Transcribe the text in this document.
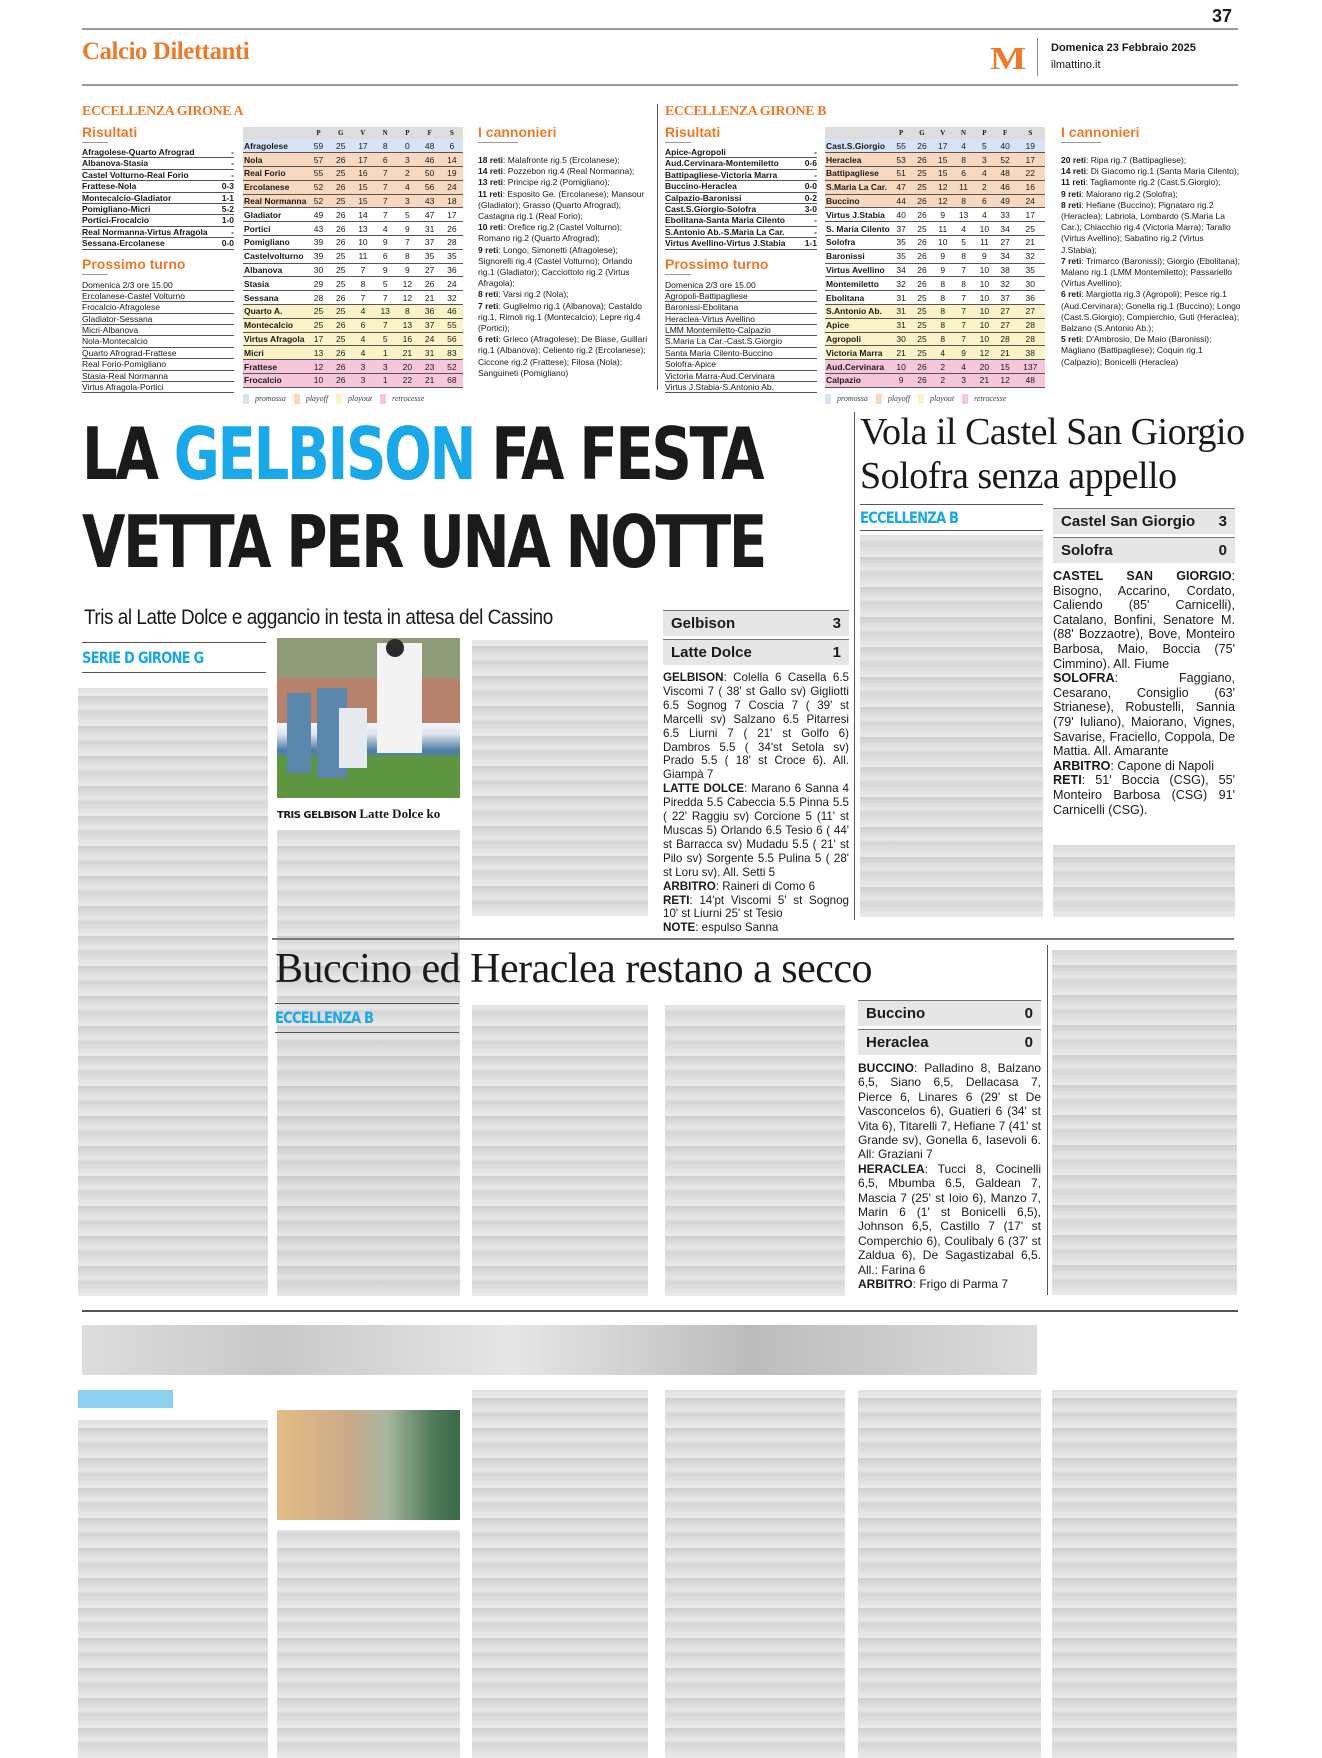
37
Calcio Dilettanti	M Domenica 23 Febbraio 2025
ilmattino.it
ECCELLENZA GIRONE A
Risultati
Afragolese-Quarto Afrograd	-
Albanova-Stasia	-
Castel Volturno-Real Forio	-
Frattese-Nola	0-3
Montecalcio-Gladiator	1-1
Pomigliano-Micri	5-2
Portici-Frocalcio	1-0
Real Normanna-Virtus Afragola	-
Sessana-Ercolanese	0-0
Prossimo turno
Domenica 2/3 ore 15.00
Ercolanese-Castel Volturno
Frocalcio-Afragolese
Gladiator-Sessana
Micri-Albanova
Nola-Montecalcio
Quarto Afrograd-Frattese
Real Forio-Pomigliano
Stasia-Real Normanna
Virtus Afragola-Portici
	P	G	V	N	P	F	S
Afragolese	59	25	17	8	0	48	6
Nola	57	26	17	6	3	46	14
Real Forio	55	25	16	7	2	50	19
Ercolanese	52	26	15	7	4	56	24
Real Normanna	52	25	15	7	3	43	18
Gladiator	49	26	14	7	5	47	17
Portici	43	26	13	4	9	31	26
Pomigliano	39	26	10	9	7	37	28
Castelvolturno	39	25	11	6	8	35	35
Albanova	30	25	7	9	9	27	36
Stasia	29	25	8	5	12	26	24
Sessana	28	26	7	7	12	21	32
Quarto A.	25	25	4	13	8	36	46
Montecalcio	25	26	6	7	13	37	55
Virtus Afragola	17	25	4	5	16	24	56
Micri	13	26	4	1	21	31	83
Frattese	12	26	3	3	20	23	52
Frocalcio	10	26	3	1	22	21	68
promossa	playoff	playout	retrocesse
I cannonieri
18 reti: Malafronte rig.5 (Ercolanese);
14 reti: Pozzebon rig.4 (Real Normanna);
13 reti: Principe rig.2 (Pomigliano);
11 reti: Esposito Ge. (Ercolanese); Mansour (Gladiator); Grasso (Quarto Afrograd); Castagna rig.1 (Real Forio);
10 reti: Orefice rig.2 (Castel Volturno); Romano rig.2 (Quarto Afrograd);
9 reti: Longo, Simonetti (Afragolese); Signorelli rig.4 (Castel Volturno); Orlando rig.1 (Gladiator); Cacciottolo rig.2 (Virtus Afragola);
8 reti: Varsi rig.2 (Nola);
7 reti: Guglielmo rig.1 (Albanova); Castaldo rig.1, Rimoli rig.1 (Montecalcio); Lepre rig.4 (Portici);
6 reti: Grieco (Afragolese); De Biase, Guillari rig.1 (Albanova); Celiento rig.2 (Ercolanese); Ciccone rig.2 (Frattese); Filosa (Nola); Sanguineti (Pomigliano)
ECCELLENZA GIRONE B
Risultati
Apice-Agropoli	-
Aud.Cervinara-Montemiletto	0-6
Battipagliese-Victoria Marra	-
Buccino-Heraclea	0-0
Calpazio-Baronissi	0-2
Cast.S.Giorgio-Solofra	3-0
Ebolitana-Santa Maria Cilento	-
S.Antonio Ab.-S.Maria La Car.	-
Virtus Avellino-Virtus J.Stabia 1-1
Prossimo turno
Domenica 2/3 ore 15.00
Agropoli-Battipagliese
Baronissi-Ebolitana
Heraclea-Virtus Avellino
LMM Montemiletto-Calpazio
S.Maria La Car.-Cast.S.Giorgio
Santa Maria Cilento-Buccino
Solofra-Apice
Victoria Marra-Aud.Cervinara
Virtus J.Stabia-S.Antonio Ab.
	P	G	V	N	P	F	S
Cast.S.Giorgio	55	26	17	4	5	40	19
Heraclea	53	26	15	8	3	52	17
Battipagliese	51	25	15	6	4	48	22
S.Maria La Car.	47	25	12	11	2	46	16
Buccino	44	26	12	8	6	49	24
Virtus J.Stabia	40	26	9	13	4	33	17
S. Maria Cilento	37	25	11	4	10	34	25
Solofra	35	26	10	5	11	27	21
Baronissi	35	26	9	8	9	34	32
Virtus Avellino	34	26	9	7	10	38	35
Montemiletto	32	26	8	8	10	32	30
Ebolitana	31	25	8	7	10	37	36
S.Antonio Ab.	31	25	8	7	10	27	27
Apice	31	25	8	7	10	27	28
Agropoli	30	25	8	7	10	28	28
Victoria Marra	21	25	4	9	12	21	38
Aud.Cervinara	10	26	2	4	20	15	137
Calpazio	9	26	2	3	21	12	48
promossa	playoff	playout	retrocesse
I cannonieri
20 reti: Ripa rig.7 (Battipagliese);
14 reti: Di Giacomo rig.1 (Santa Maria Cilento);
11 reti: Tagliamonte rig.2 (Cast.S.Giorgio);
9 reti: Maiorano rig.2 (Solofra);
8 reti: Hefiane (Buccino); Pignataro rig.2 (Heraclea); Labriola, Lombardo (S.Maria La Car.); Chiacchio rig.4 (Victoria Marra); Tarallo (Virtus Avellino); Sabatino rig.2 (Virtus J.Stabia);
7 reti: Trimarco (Baronissi); Giorgio (Ebolitana); Malano rig.1 (LMM Montemiletto); Passariello (Virtus Avellino);
6 reti: Margiotta rig.3 (Agropoli); Pesce rig.1 (Aud.Cervinara); Gonella rig.1 (Buccino); Longo (Cast.S.Giorgio); Compierchio, Guti (Heraclea); Balzano (S.Antonio Ab.);
5 reti: D'Ambrosio, De Maio (Baronissi); Magliano (Battipagliese); Coquin rig.1 (Calpazio); Bonicelli (Heraclea)
LA GELBISON FA FESTA
VETTA PER UNA NOTTE
Tris al Latte Dolce e aggancio in testa in attesa del Cassino
SERIE D GIRONE G
TRIS GELBISON Latte Dolce ko
Gelbison	3
Latte Dolce	1
GELBISON: Colella 6 Casella 6.5 Viscomi 7 ( 38' st Gallo sv) Gigliotti 6.5 Sognog 7 Coscia 7 ( 39' st Marcelli sv) Salzano 6.5 Pitarresi 6.5 Liurni 7 ( 21' st Golfo 6) Dambros 5.5 ( 34'st Setola sv) Prado 5.5 ( 18' st Croce 6). All. Giampà 7
LATTE DOLCE: Marano 6 Sanna 4 Piredda 5.5 Cabeccia 5.5 Pinna 5.5 ( 22' Raggiu sv) Corcione 5 (11' st Muscas 5) Orlando 6.5 Tesio 6 ( 44' st Barracca sv) Mudadu 5.5 ( 21' st Pilo sv) Sorgente 5.5 Pulina 5 ( 28' st Loru sv). All. Setti 5
ARBITRO: Raineri di Como 6
RETI: 14'pt Viscomi 5' st Sognog 10' st Liurni 25' st Tesio
NOTE: espulso Sanna
Vola il Castel San Giorgio
Solofra senza appello
ECCELLENZA B	Castel San Giorgio 3
Solofra	0
CASTEL SAN GIORGIO: Bisogno, Accarino, Cordato, Caliendo (85' Carnicelli), Catalano, Bonfini, Senatore M. (88' Bozzaotre), Bove, Monteiro Barbosa, Maio, Boccia (75' Cimmino). All. Fiume
SOLOFRA: Faggiano, Cesarano, Consiglio (63' Strianese), Robustelli, Sannia (79' Iuliano), Maiorano, Vignes, Savarise, Fraciello, Coppola, De Mattia. All. Amarante
ARBITRO: Capone di Napoli
RETI: 51' Boccia (CSG), 55' Monteiro Barbosa (CSG) 91' Carnicelli (CSG).
Buccino ed Heraclea restano a secco
ECCELLENZA B	Buccino	0
Heraclea	0
BUCCINO: Palladino 8, Balzano 6,5, Siano 6,5, Dellacasa 7, Pierce 6, Linares 6 (29' st De Vasconcelos 6), Guatieri 6 (34' st Vita 6), Titarelli 7, Hefiane 7 (41' st Grande sv), Gonella 6, Iasevoli 6. All: Graziani 7
HERACLEA: Tucci 8, Cocinelli 6,5, Mbumba 6.5, Galdean 7, Mascia 7 (25' st Ioio 6), Manzo 7, Marin 6 (1' st Bonicelli 6,5), Johnson 6,5, Castillo 7 (17' st Comperchio 6), Coulibaly 6 (37' st Zaldua 6), De Sagastizabal 6,5. All.: Farina 6
ARBITRO: Frigo di Parma 7
